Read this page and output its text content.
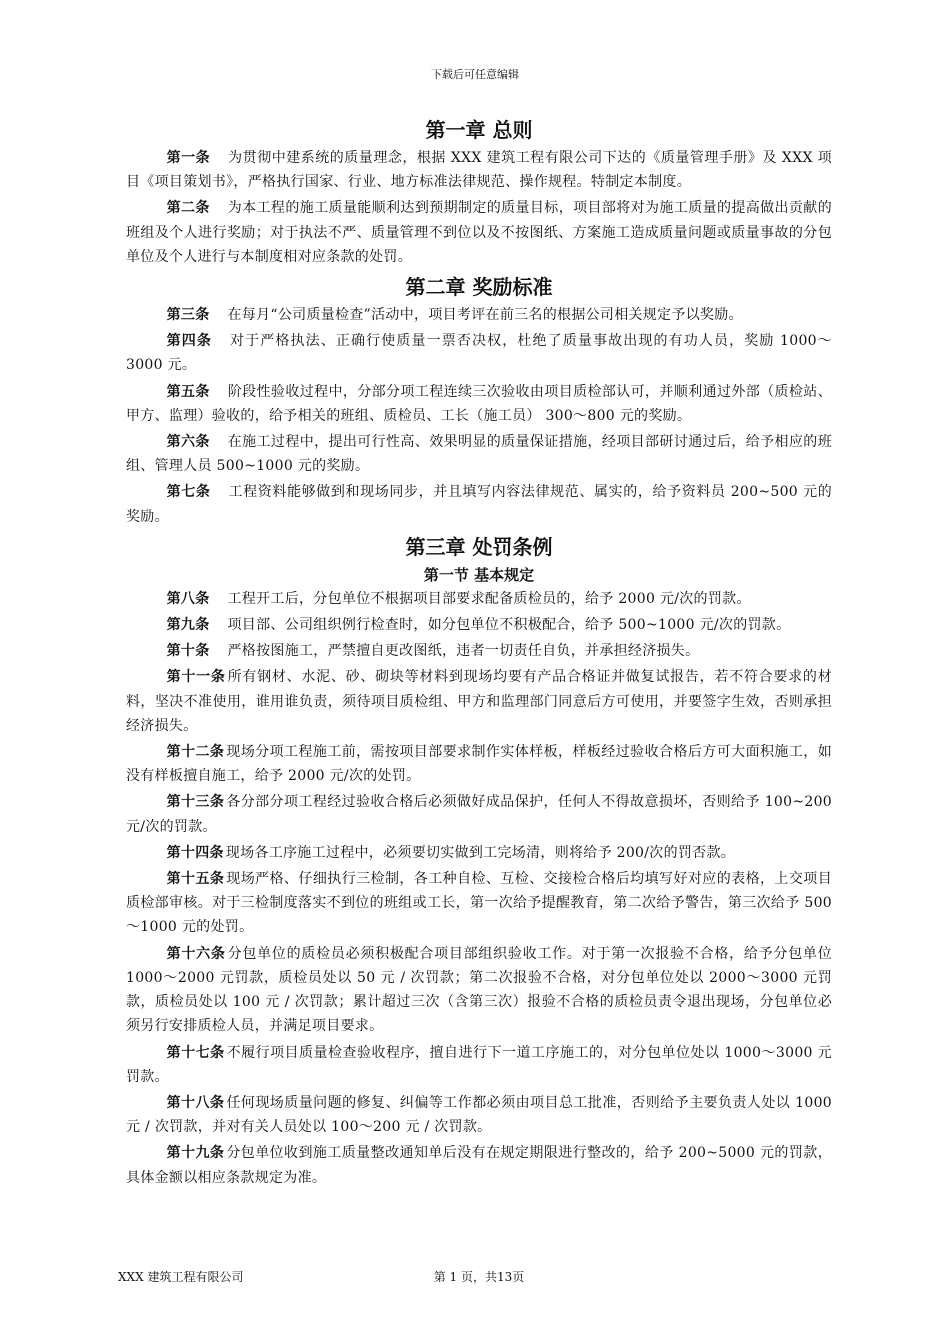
下载后可任意编辑
第一章 总则

第一条 为贯彻中建系统的质量理念，根据 XXX 建筑工程有限公司下达的《质量管理手册》及 XXX 项目《项目策划书》，严格执行国家、行业、地方标准法律规范、操作规程。特制定本制度。

第二条 为本工程的施工质量能顺利达到预期制定的质量目标，项目部将对为施工质量的提高做出贡献的班组及个人进行奖励；对于执法不严、质量管理不到位以及不按图纸、方案施工造成质量问题或质量事故的分包单位及个人进行与本制度相对应条款的处罚。

第二章 奖励标准

第三条 在每月“公司质量检查”活动中，项目考评在前三名的根据公司相关规定予以奖励。

第四条 对于严格执法、正确行使质量一票否决权，杜绝了质量事故出现的有功人员，奖励 1000～3000 元。

第五条 阶段性验收过程中，分部分项工程连续三次验收由项目质检部认可，并顺利通过外部（质检站、甲方、监理）验收的，给予相关的班组、质检员、工长（施工员） 300～800 元的奖励。

第六条 在施工过程中，提出可行性高、效果明显的质量保证措施，经项目部研讨通过后，给予相应的班组、管理人员 500~1000 元的奖励。

第七条 工程资料能够做到和现场同步，并且填写内容法律规范、属实的，给予资料员 200~500 元的奖励。

第三章 处罚条例
第一节 基本规定

第八条 工程开工后，分包单位不根据项目部要求配备质检员的，给予 2000 元/次的罚款。

第九条 项目部、公司组织例行检查时，如分包单位不积极配合，给予 500~1000 元/次的罚款。

第十条 严格按图施工，严禁擅自更改图纸，违者一切责任自负，并承担经济损失。

第十一条 所有钢材、水泥、砂、砌块等材料到现场均要有产品合格证并做复试报告，若不符合要求的材料，坚决不准使用，谁用谁负责，须待项目质检组、甲方和监理部门同意后方可使用，并要签字生效，否则承担经济损失。

第十二条 现场分项工程施工前，需按项目部要求制作实体样板，样板经过验收合格后方可大面积施工，如没有样板擅自施工，给予 2000 元/次的处罚。

第十三条 各分部分项工程经过验收合格后必须做好成品保护，任何人不得故意损坏，否则给予 100~200 元/次的罚款。

第十四条 现场各工序施工过程中，必须要切实做到工完场清，则将给予 200/次的罚否款。

第十五条 现场严格、仔细执行三检制，各工种自检、互检、交接检合格后均填写好对应的表格，上交项目质检部审核。对于三检制度落实不到位的班组或工长，第一次给予提醒教育，第二次给予警告，第三次给予 500～1000 元的处罚。

第十六条 分包单位的质检员必须积极配合项目部组织验收工作。对于第一次报验不合格，给予分包单位 1000～2000 元罚款，质检员处以 50 元 / 次罚款；第二次报验不合格，对分包单位处以 2000～3000 元罚款，质检员处以 100 元 / 次罚款；累计超过三次（含第三次）报验不合格的质检员责令退出现场，分包单位必须另行安排质检人员，并满足项目要求。

第十七条 不履行项目质量检查验收程序，擅自进行下一道工序施工的，对分包单位处以 1000～3000 元罚款。

第十八条 任何现场质量问题的修复、纠偏等工作都必须由项目总工批准，否则给予主要负责人处以 1000 元 / 次罚款，并对有关人员处以 100～200 元 / 次罚款。

第十九条 分包单位收到施工质量整改通知单后没有在规定期限进行整改的，给予 200~5000 元的罚款，具体金额以相应条款规定为准。

XXX 建筑工程有限公司	第 1 页，共13页
